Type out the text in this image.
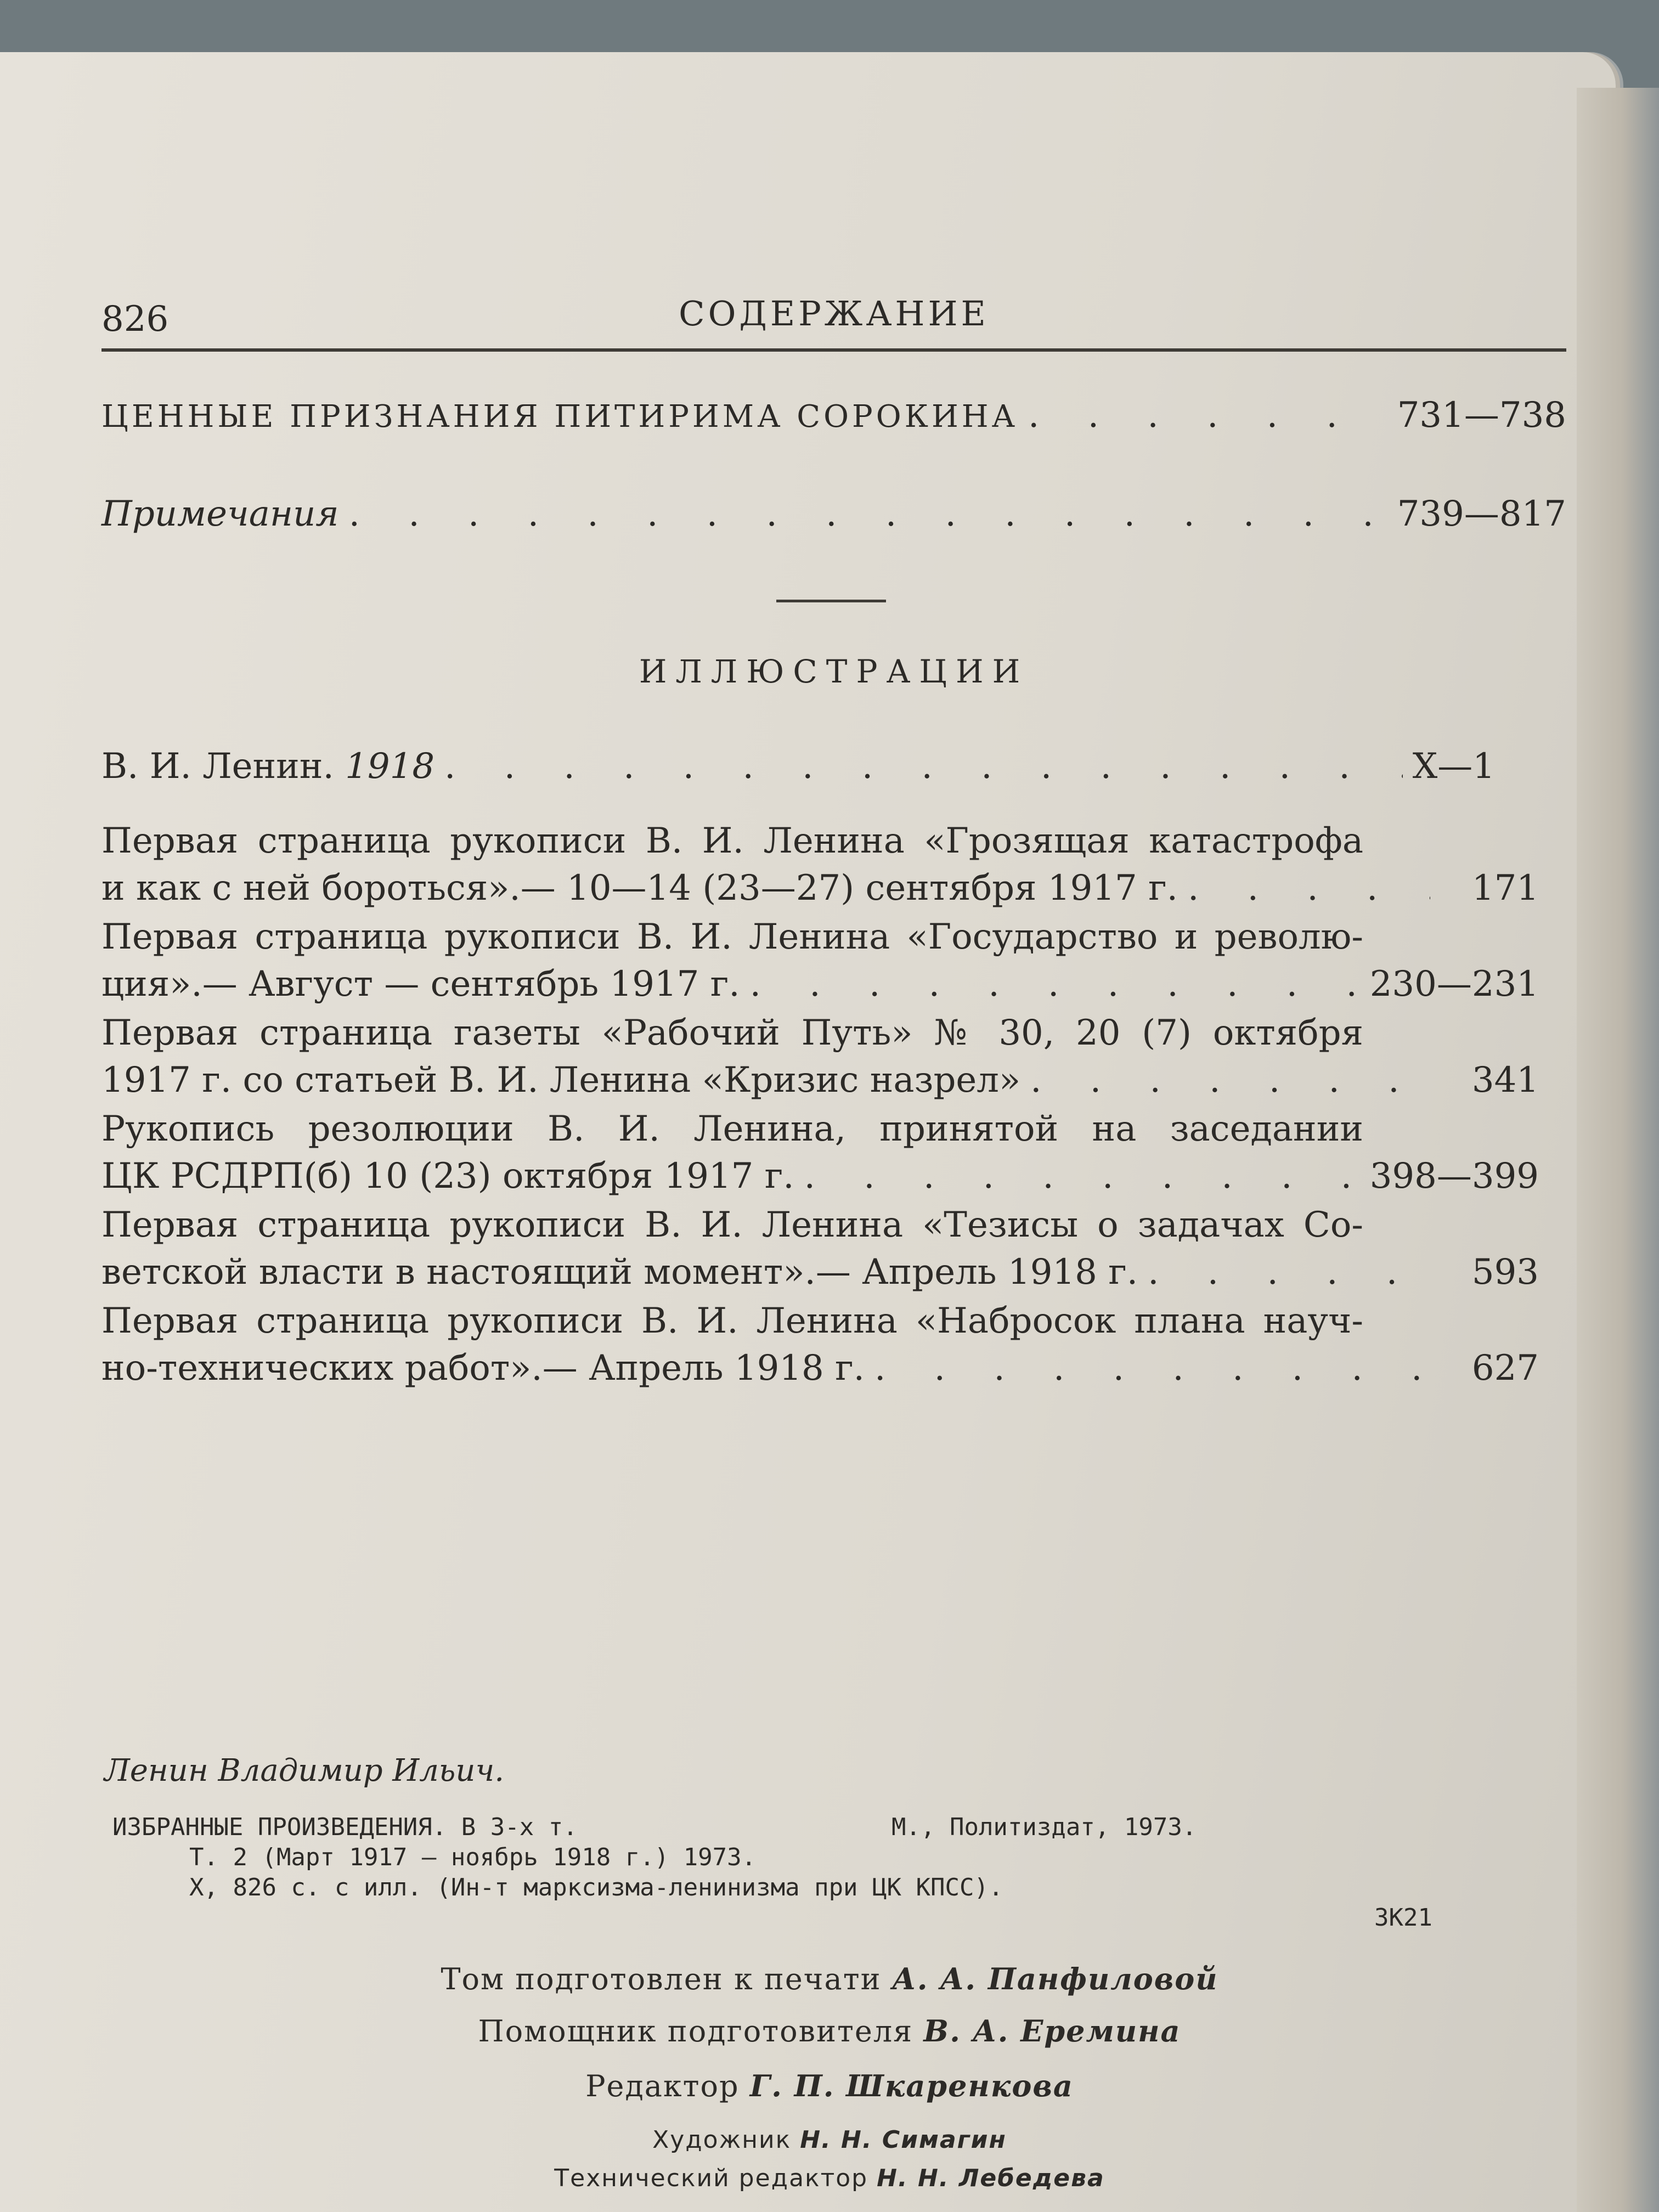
826	СОДЕРЖАНИЕ
ЦЕННЫЕ ПРИЗНАНИЯ ПИТИРИМА СОРОКИНА . . .	731—738
Примечания . . .	739—817
ИЛЛЮСТРАЦИИ
В. И. Ленин. 1918 . . .	X—1
Первая страница рукописи В. И. Ленина «Грозящая катастрофа
и как с ней бороться».— 10—14 (23—27) сентября 1917 г. . . .	171
Первая страница рукописи В. И. Ленина «Государство и револю-
ция».— Август — сентябрь 1917 г. . . .	230—231
Первая страница газеты «Рабочий Путь» № 30, 20 (7) октября
1917 г. со статьей В. И. Ленина «Кризис назрел» . . .	341
Рукопись резолюции В. И. Ленина, принятой на заседании
ЦК РСДРП(б) 10 (23) октября 1917 г. . . .	398—399
Первая страница рукописи В. И. Ленина «Тезисы о задачах Со-
ветской власти в настоящий момент».— Апрель 1918 г. . . .	593
Первая страница рукописи В. И. Ленина «Набросок плана науч-
но-технических работ».— Апрель 1918 г. . . .	627
Ленин Владимир Ильич.
ИЗБРАННЫЕ ПРОИЗВЕДЕНИЯ. В 3-х т.	М., Политиздат, 1973.
Т. 2 (Март 1917 — ноябрь 1918 г.) 1973.
Х, 826 с. с илл. (Ин-т марксизма-ленинизма при ЦК КПСС).
3К21
Том подготовлен к печати А. А. Панфиловой
Помощник подготовителя В. А. Еремина
Редактор Г. П. Шкаренкова
Художник Н. Н. Симагин
Технический редактор Н. Н. Лебедева
